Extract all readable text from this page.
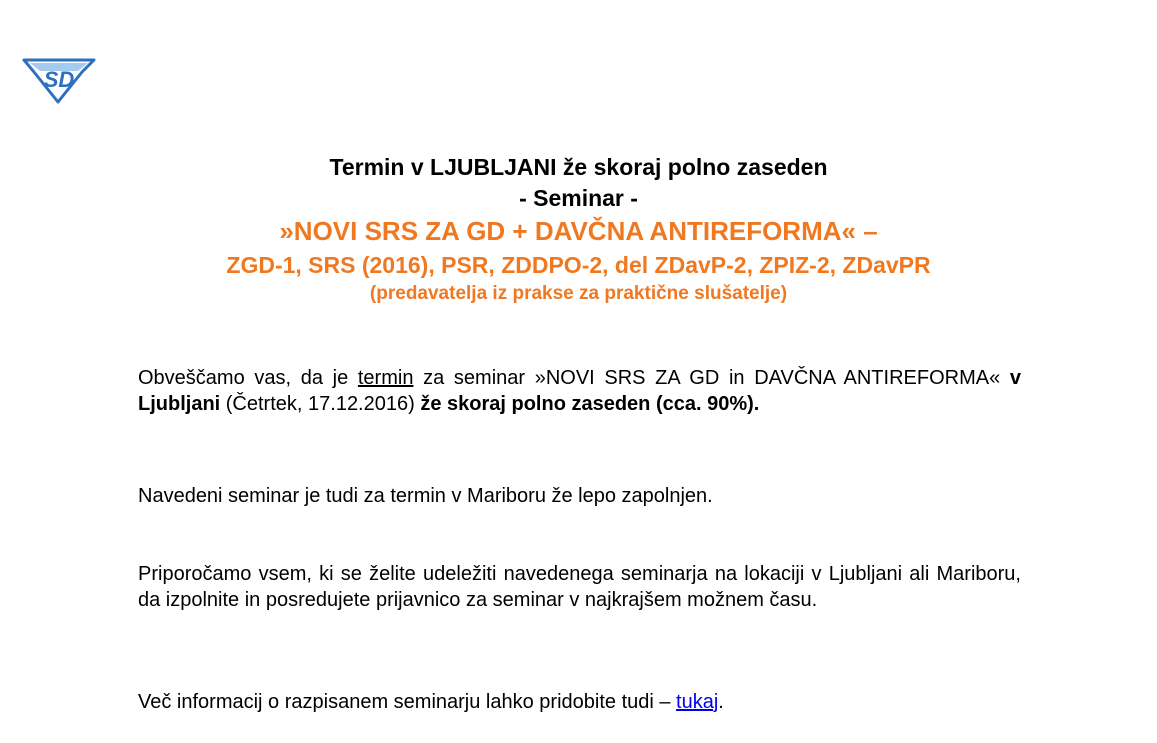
SD
Termin v LJUBLJANI že skoraj polno zaseden
- Seminar -
»NOVI SRS ZA GD + DAVČNA ANTIREFORMA« –
ZGD-1, SRS (2016), PSR, ZDDPO-2, del ZDavP-2, ZPIZ-2, ZDavPR
(predavatelja iz prakse za praktične slušatelje)
Obveščamo vas, da je termin za seminar »NOVI SRS ZA GD in DAVČNA ANTIREFORMA« v Ljubljani (Četrtek, 17.12.2016) že skoraj polno zaseden (cca. 90%).
Navedeni seminar je tudi za termin v Mariboru že lepo zapolnjen.
Priporočamo vsem, ki se želite udeležiti navedenega seminarja na lokaciji v Ljubljani ali Mariboru, da izpolnite in posredujete prijavnico za seminar v najkrajšem možnem času.
Več informacij o razpisanem seminarju lahko pridobite tudi – tukaj.
